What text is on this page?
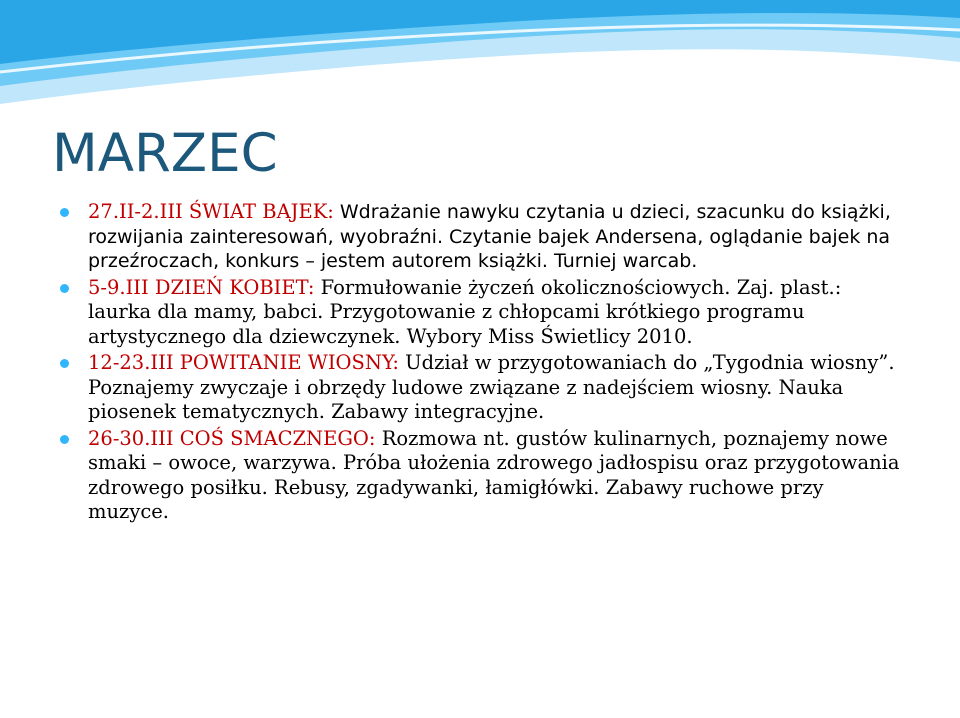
MARZEC
27.II-2.III ŚWIAT BAJEK: Wdrażanie nawyku czytania u dzieci, szacunku do książki, rozwijania zainteresowań, wyobraźni. Czytanie bajek Andersena, oglądanie bajek na przeźroczach, konkurs – jestem autorem książki. Turniej warcab.
5-9.III DZIEŃ KOBIET: Formułowanie życzeń okolicznościowych. Zaj. plast.: laurka dla mamy, babci. Przygotowanie z chłopcami krótkiego programu artystycznego dla dziewczynek. Wybory Miss Świetlicy 2010.
12-23.III POWITANIE WIOSNY: Udział w przygotowaniach do „Tygodnia wiosny”. Poznajemy zwyczaje i obrzędy ludowe związane z nadejściem wiosny. Nauka piosenek tematycznych. Zabawy integracyjne.
26-30.III COŚ SMACZNEGO: Rozmowa nt. gustów kulinarnych, poznajemy nowe smaki – owoce, warzywa. Próba ułożenia zdrowego jadłospisu oraz przygotowania zdrowego posiłku. Rebusy, zgadywanki, łamigłówki. Zabawy ruchowe przy muzyce.
